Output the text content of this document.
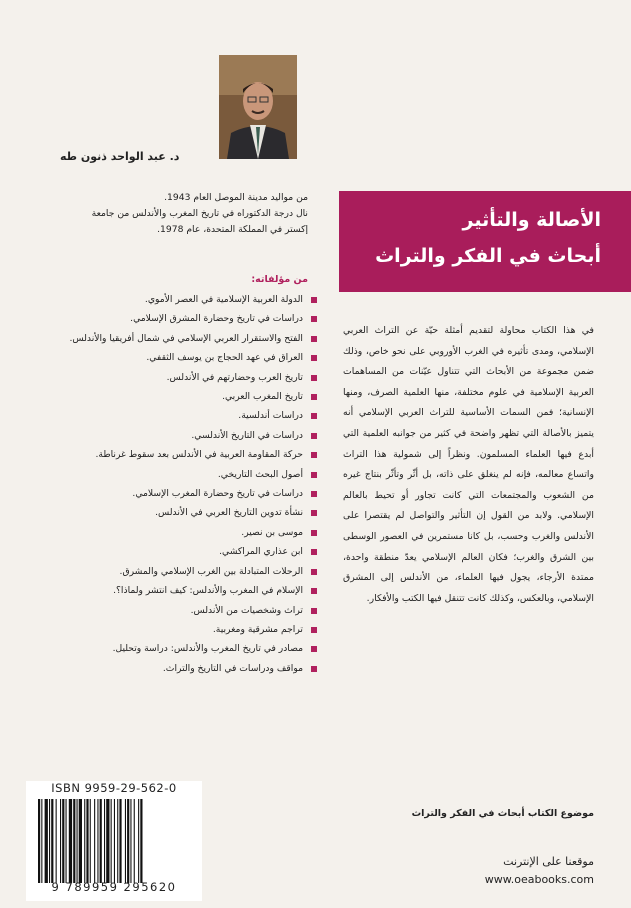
د. عبد الواحد ذنون طه
من مواليد مدينة الموصل العام 1943.
نال درجة الدكتوراه في تاريخ المغرب والأندلس من جامعة
إكستر في المملكة المتحدة، عام 1978.
من مؤلفاته:
الدولة العربية الإسلامية في العصر الأموي.
دراسات في تاريخ وحضارة المشرق الإسلامي.
الفتح والاستقرار العربي الإسلامي في شمال أفريقيا والأندلس.
العراق في عهد الحجاج بن يوسف الثقفي.
تاريخ العرب وحضارتهم في الأندلس.
تاريخ المغرب العربي.
دراسات أندلسية.
دراسات في التاريخ الأندلسي.
حركة المقاومة العربية في الأندلس بعد سقوط غرناطة.
أصول البحث التاريخي.
دراسات في تاريخ وحضارة المغرب الإسلامي.
نشأة تدوين التاريخ العربي في الأندلس.
موسى بن نصير.
ابن عذاري المراكشي.
الرحلات المتبادلة بين الغرب الإسلامي والمشرق.
الإسلام في المغرب والأندلس: كيف انتشر ولماذا؟.
تراث وشخصيات من الأندلس.
تراجم مشرقية ومغربية.
مصادر في تاريخ المغرب والأندلس: دراسة وتحليل.
مواقف ودراسات في التاريخ والتراث.
الأصالة والتأثير
أبحاث في الفكر والتراث

في هذا الكتاب محاولة لتقديم أمثلة حيّة عن التراث العربي الإسلامي، ومدى تأثيره في الغرب الأوروبي على نحو خاص، وذلك ضمن مجموعة من الأبحاث التي تتناول عيّنات من المساهمات العربية الإسلامية في علوم مختلفة، منها العلمية الصرف، ومنها الإنسانية؛ فمن السمات الأساسية للتراث العربي الإسلامي أنه يتميز بالأصالة التي تظهر واضحة في كثير من جوانبه العلمية التي أبدع فيها العلماء المسلمون. ونظراً إلى شمولية هذا التراث واتساع معالمه، فإنه لم ينغلق على ذاته، بل أثّر وتأثّر بنتاج غيره من الشعوب والمجتمعات التي كانت تجاور أو تحيط بالعالم الإسلامي. ولابد من القول إن التأثير والتواصل لم يقتصرا على الأندلس والغرب وحسب، بل كانا مستمرين في العصور الوسطى بين الشرق والغرب؛ فكان العالم الإسلامي يعدّ منطقة واحدة، ممتدة الأرجاء، يجول فيها العلماء، من الأندلس إلى المشرق الإسلامي، وبالعكس، وكذلك كانت تتنقل فيها الكتب والأفكار.

ISBN 9959-29-562-0
9 789959 295620
موضوع الكتاب أبحاث في الفكر والتراث
موقعنا على الإنترنت
www.oeabooks.com
